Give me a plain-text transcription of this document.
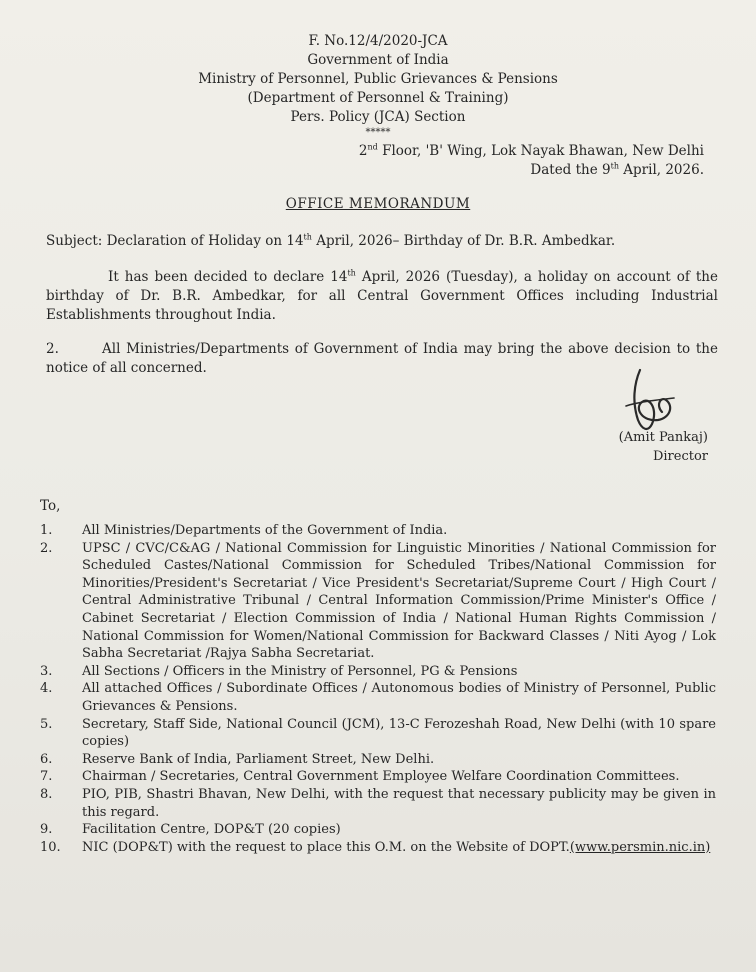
F. No.12/4/2020-JCA
Government of India
Ministry of Personnel, Public Grievances & Pensions
(Department of Personnel & Training)
Pers. Policy (JCA) Section
*****
2nd Floor, 'B' Wing, Lok Nayak Bhawan, New Delhi
Dated the 9th April, 2026.
OFFICE MEMORANDUM
Subject: Declaration of Holiday on 14th April, 2026– Birthday of Dr. B.R. Ambedkar.
It has been decided to declare 14th April, 2026 (Tuesday), a holiday on account of the birthday of Dr. B.R. Ambedkar, for all Central Government Offices including Industrial Establishments throughout India.
2.	All Ministries/Departments of Government of India may bring the above decision to the notice of all concerned.
(Amit Pankaj)
Director
To,
1.	All Ministries/Departments of the Government of India.
2.	UPSC / CVC/C&AG / National Commission for Linguistic Minorities / National Commission for Scheduled Castes/National Commission for Scheduled Tribes/National Commission for Minorities/President's Secretariat / Vice President's Secretariat/Supreme Court / High Court / Central Administrative Tribunal / Central Information Commission/Prime Minister's Office / Cabinet Secretariat / Election Commission of India / National Human Rights Commission / National Commission for Women/National Commission for Backward Classes / Niti Ayog / Lok Sabha Secretariat /Rajya Sabha Secretariat.
3.	All Sections / Officers in the Ministry of Personnel, PG & Pensions
4.	All attached Offices / Subordinate Offices / Autonomous bodies of Ministry of Personnel, Public Grievances & Pensions.
5.	Secretary, Staff Side, National Council (JCM), 13-C Ferozeshah Road, New Delhi (with 10 spare copies)
6.	Reserve Bank of India, Parliament Street, New Delhi.
7.	Chairman / Secretaries, Central Government Employee Welfare Coordination Committees.
8.	PIO, PIB, Shastri Bhavan, New Delhi, with the request that necessary publicity may be given in this regard.
9.	Facilitation Centre, DOP&T (20 copies)
10.	NIC (DOP&T) with the request to place this O.M. on the Website of DOPT.(www.persmin.nic.in)
